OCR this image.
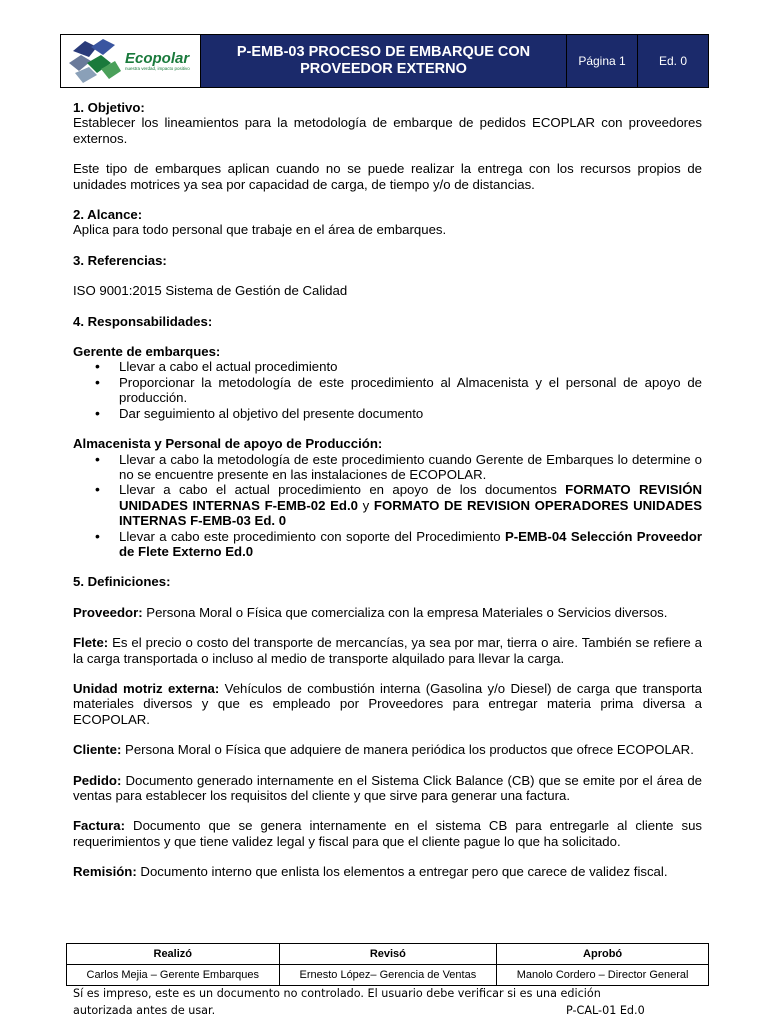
Ecopolar
nuestra verdad, impacto positivo
P-EMB-03 PROCESO DE EMBARQUE CON PROVEEDOR EXTERNO	Página 1	Ed. 0

1. Objetivo:

Establecer los lineamientos para la metodología de embarque de pedidos ECOPLAR con proveedores externos.

Este tipo de embarques aplican cuando no se puede realizar la entrega con los recursos propios de unidades motrices ya sea por capacidad de carga, de tiempo y/o de distancias.

2. Alcance:

Aplica para todo personal que trabaje en el área de embarques.

3. Referencias:

ISO 9001:2015 Sistema de Gestión de Calidad

4. Responsabilidades:

Gerente de embarques:

• Llevar a cabo el actual procedimiento
• Proporcionar la metodología de este procedimiento al Almacenista y el personal de apoyo de producción.
• Dar seguimiento al objetivo del presente documento

Almacenista y Personal de apoyo de Producción:

• Llevar a cabo la metodología de este procedimiento cuando Gerente de Embarques lo determine o no se encuentre presente en las instalaciones de ECOPOLAR.
• Llevar a cabo el actual procedimiento en apoyo de los documentos FORMATO REVISIÓN UNIDADES INTERNAS F-EMB-02 Ed.0 y FORMATO DE REVISION OPERADORES UNIDADES INTERNAS F-EMB-03 Ed. 0
• Llevar a cabo este procedimiento con soporte del Procedimiento P-EMB-04 Selección Proveedor de Flete Externo Ed.0

5. Definiciones:

Proveedor: Persona Moral o Física que comercializa con la empresa Materiales o Servicios diversos.

Flete: Es el precio o costo del transporte de mercancías, ya sea por mar, tierra o aire. También se refiere a la carga transportada o incluso al medio de transporte alquilado para llevar la carga.

Unidad motriz externa: Vehículos de combustión interna (Gasolina y/o Diesel) de carga que transporta materiales diversos y que es empleado por Proveedores para entregar materia prima diversa a ECOPOLAR.

Cliente: Persona Moral o Física que adquiere de manera periódica los productos que ofrece ECOPOLAR.

Pedido: Documento generado internamente en el Sistema Click Balance (CB) que se emite por el área de ventas para establecer los requisitos del cliente y que sirve para generar una factura.

Factura: Documento que se genera internamente en el sistema CB para entregarle al cliente sus requerimientos y que tiene validez legal y fiscal para que el cliente pague lo que ha solicitado.

Remisión: Documento interno que enlista los elementos a entregar pero que carece de validez fiscal.

Realizó	Revisó	Aprobó
Carlos Mejia – Gerente Embarques	Ernesto López– Gerencia de Ventas	Manolo Cordero – Director General
Sí es impreso, este es un documento no controlado. El usuario debe verificar si es una edición autorizada antes de usar.	P-CAL-01 Ed.0
